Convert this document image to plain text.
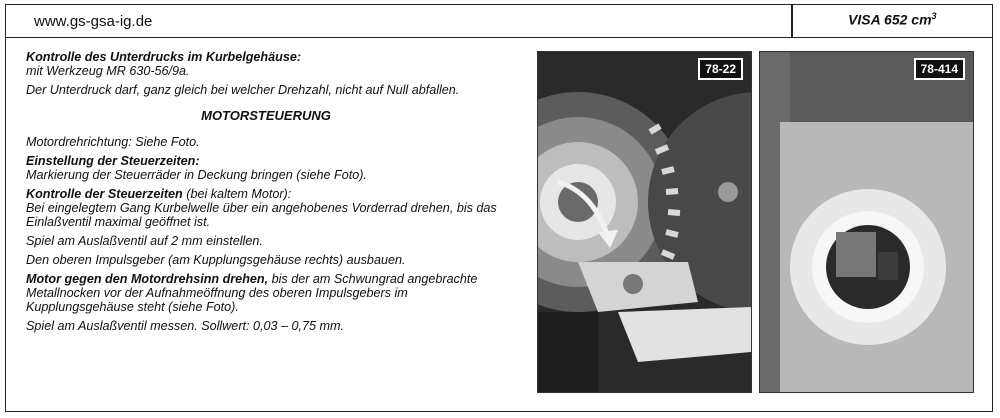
www.gs-gsa-ig.de	VISA 652 $cm^3$

Kontrolle des Unterdrucks im Kurbelgehäuse:
mit Werkzeug MR 630-56/9a.

Der Unterdruck darf, ganz gleich bei welcher Drehzahl, nicht auf Null abfallen.

MOTORSTEUERUNG

Motordrehrichtung: Siehe Foto.

Einstellung der Steuerzeiten:
Markierung der Steuerräder in Deckung bringen (siehe Foto).

Kontrolle der Steuerzeiten (bei kaltem Motor):
Bei eingelegtem Gang Kurbelwelle über ein angehobenes Vorderrad drehen, bis das Einlaßventil maximal geöffnet ist.

Spiel am Auslaßventil auf 2 mm einstellen.

Den oberen Impulsgeber (am Kupplungsgehäuse rechts) ausbauen.

Motor gegen den Motordrehsinn drehen, bis der am Schwungrad angebrachte Metallnocken vor der Aufnahmeöffnung des oberen Impulsgebers im Kupplungsgehäuse steht (siehe Foto).

Spiel am Auslaßventil messen. Sollwert: 0,03 – 0,75 mm.

78-22	78-414
